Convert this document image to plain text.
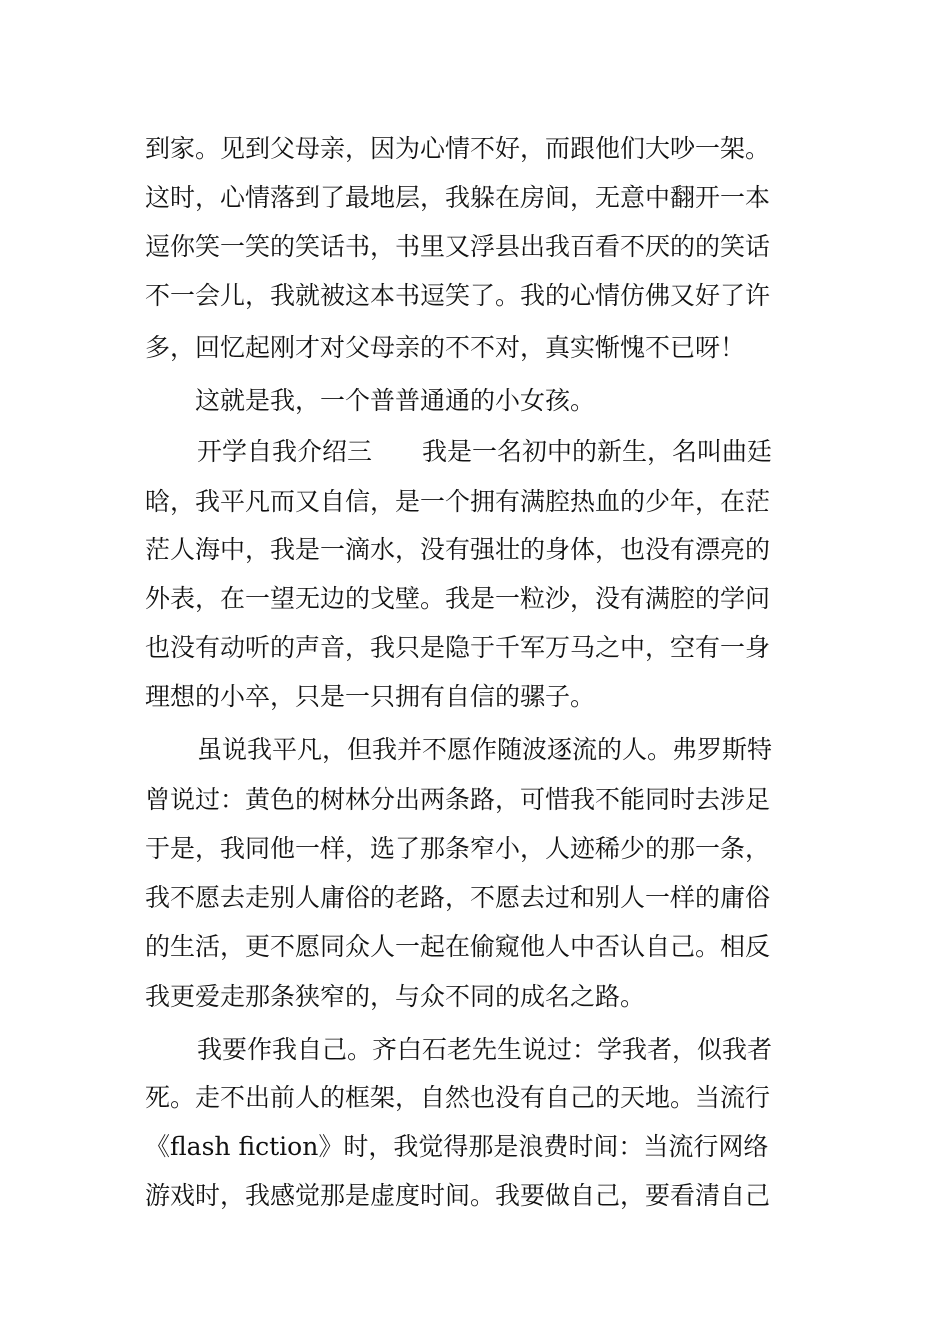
到家。见到父母亲，因为心情不好，而跟他们大吵一架。
这时，心情落到了最地层，我躲在房间，无意中翻开一本
逗你笑一笑的笑话书，书里又浮县出我百看不厌的的笑话
不一会儿，我就被这本书逗笑了。我的心情仿佛又好了许
多，回忆起刚才对父母亲的不不对，真实惭愧不已呀！
这就是我，一个普普通通的小女孩。
开学自我介绍三　　我是一名初中的新生，名叫曲廷
晗，我平凡而又自信，是一个拥有满腔热血的少年，在茫
茫人海中，我是一滴水，没有强壮的身体，也没有漂亮的
外表，在一望无边的戈壁。我是一粒沙，没有满腔的学问
也没有动听的声音，我只是隐于千军万马之中，空有一身
理想的小卒，只是一只拥有自信的骡子。
虽说我平凡，但我并不愿作随波逐流的人。弗罗斯特
曾说过：黄色的树林分出两条路，可惜我不能同时去涉足
于是，我同他一样，选了那条窄小，人迹稀少的那一条，
我不愿去走别人庸俗的老路，不愿去过和别人一样的庸俗
的生活，更不愿同众人一起在偷窥他人中否认自己。相反
我更爱走那条狭窄的，与众不同的成名之路。
我要作我自己。齐白石老先生说过：学我者，似我者
死。走不出前人的框架，自然也没有自己的天地。当流行
《flash fiction》时，我觉得那是浪费时间：当流行网络
游戏时，我感觉那是虚度时间。我要做自己，要看清自己
